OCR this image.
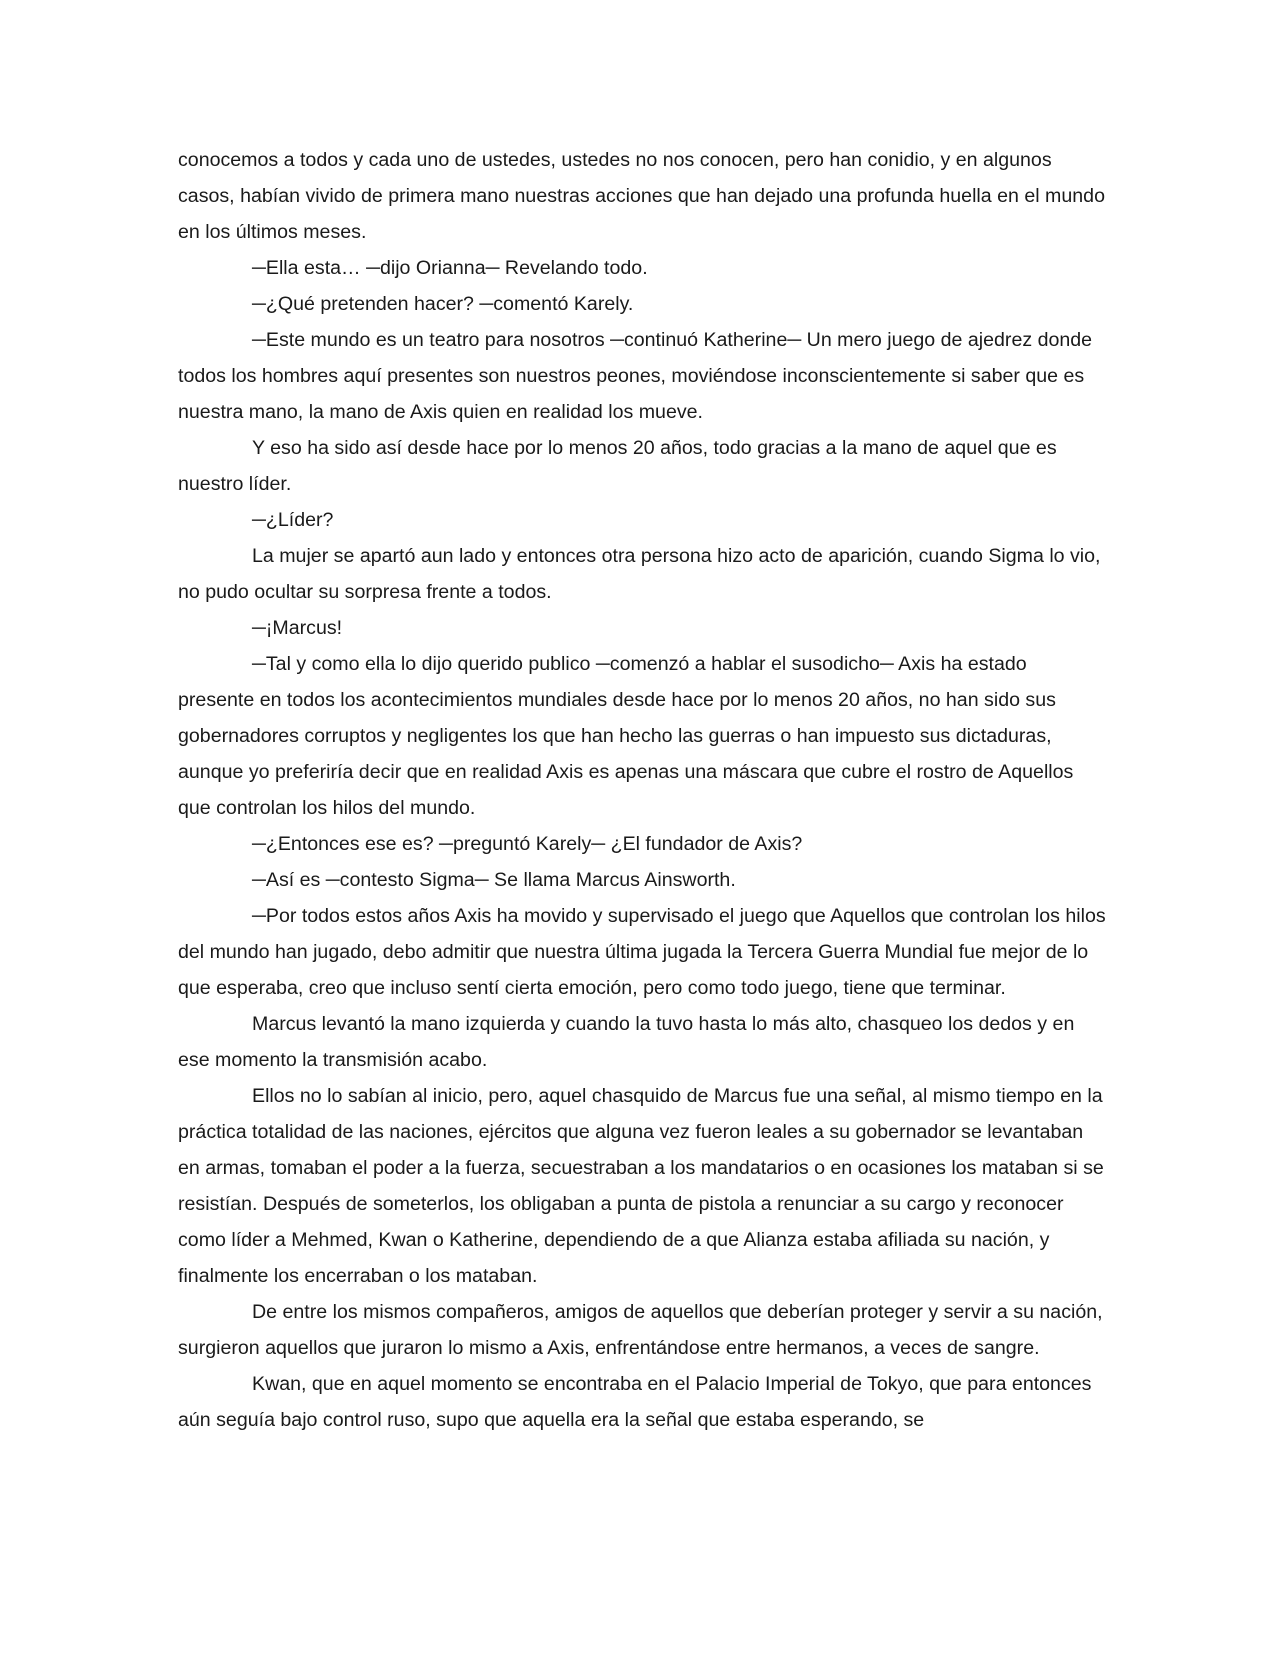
conocemos a todos y cada uno de ustedes, ustedes no nos conocen, pero han conidio, y en algunos casos, habían vivido de primera mano nuestras acciones que han dejado una profunda huella en el mundo en los últimos meses.

─Ella esta… ─dijo Orianna─ Revelando todo.

─¿Qué pretenden hacer? ─comentó Karely.

─Este mundo es un teatro para nosotros ─continuó Katherine─ Un mero juego de ajedrez donde todos los hombres aquí presentes son nuestros peones, moviéndose inconscientemente si saber que es nuestra mano, la mano de Axis quien en realidad los mueve.

Y eso ha sido así desde hace por lo menos 20 años, todo gracias a la mano de aquel que es nuestro líder.

─¿Líder?

La mujer se apartó aun lado y entonces otra persona hizo acto de aparición, cuando Sigma lo vio, no pudo ocultar su sorpresa frente a todos.

─¡Marcus!

─Tal y como ella lo dijo querido publico ─comenzó a hablar el susodicho─ Axis ha estado presente en todos los acontecimientos mundiales desde hace por lo menos 20 años, no han sido sus gobernadores corruptos y negligentes los que han hecho las guerras o han impuesto sus dictaduras, aunque yo preferiría decir que en realidad Axis es apenas una máscara que cubre el rostro de Aquellos que controlan los hilos del mundo.

─¿Entonces ese es? ─preguntó Karely─ ¿El fundador de Axis?

─Así es ─contesto Sigma─ Se llama Marcus Ainsworth.

─Por todos estos años Axis ha movido y supervisado el juego que Aquellos que controlan los hilos del mundo han jugado, debo admitir que nuestra última jugada la Tercera Guerra Mundial fue mejor de lo que esperaba, creo que incluso sentí cierta emoción, pero como todo juego, tiene que terminar.

Marcus levantó la mano izquierda y cuando la tuvo hasta lo más alto, chasqueo los dedos y en ese momento la transmisión acabo.

Ellos no lo sabían al inicio, pero, aquel chasquido de Marcus fue una señal, al mismo tiempo en la práctica totalidad de las naciones, ejércitos que alguna vez fueron leales a su gobernador se levantaban en armas, tomaban el poder a la fuerza, secuestraban a los mandatarios o en ocasiones los mataban si se resistían. Después de someterlos, los obligaban a punta de pistola a renunciar a su cargo y reconocer como líder a Mehmed, Kwan o Katherine, dependiendo de a que Alianza estaba afiliada su nación, y finalmente los encerraban o los mataban.

De entre los mismos compañeros, amigos de aquellos que deberían proteger y servir a su nación, surgieron aquellos que juraron lo mismo a Axis, enfrentándose entre hermanos, a veces de sangre.

Kwan, que en aquel momento se encontraba en el Palacio Imperial de Tokyo, que para entonces aún seguía bajo control ruso, supo que aquella era la señal que estaba esperando, se
